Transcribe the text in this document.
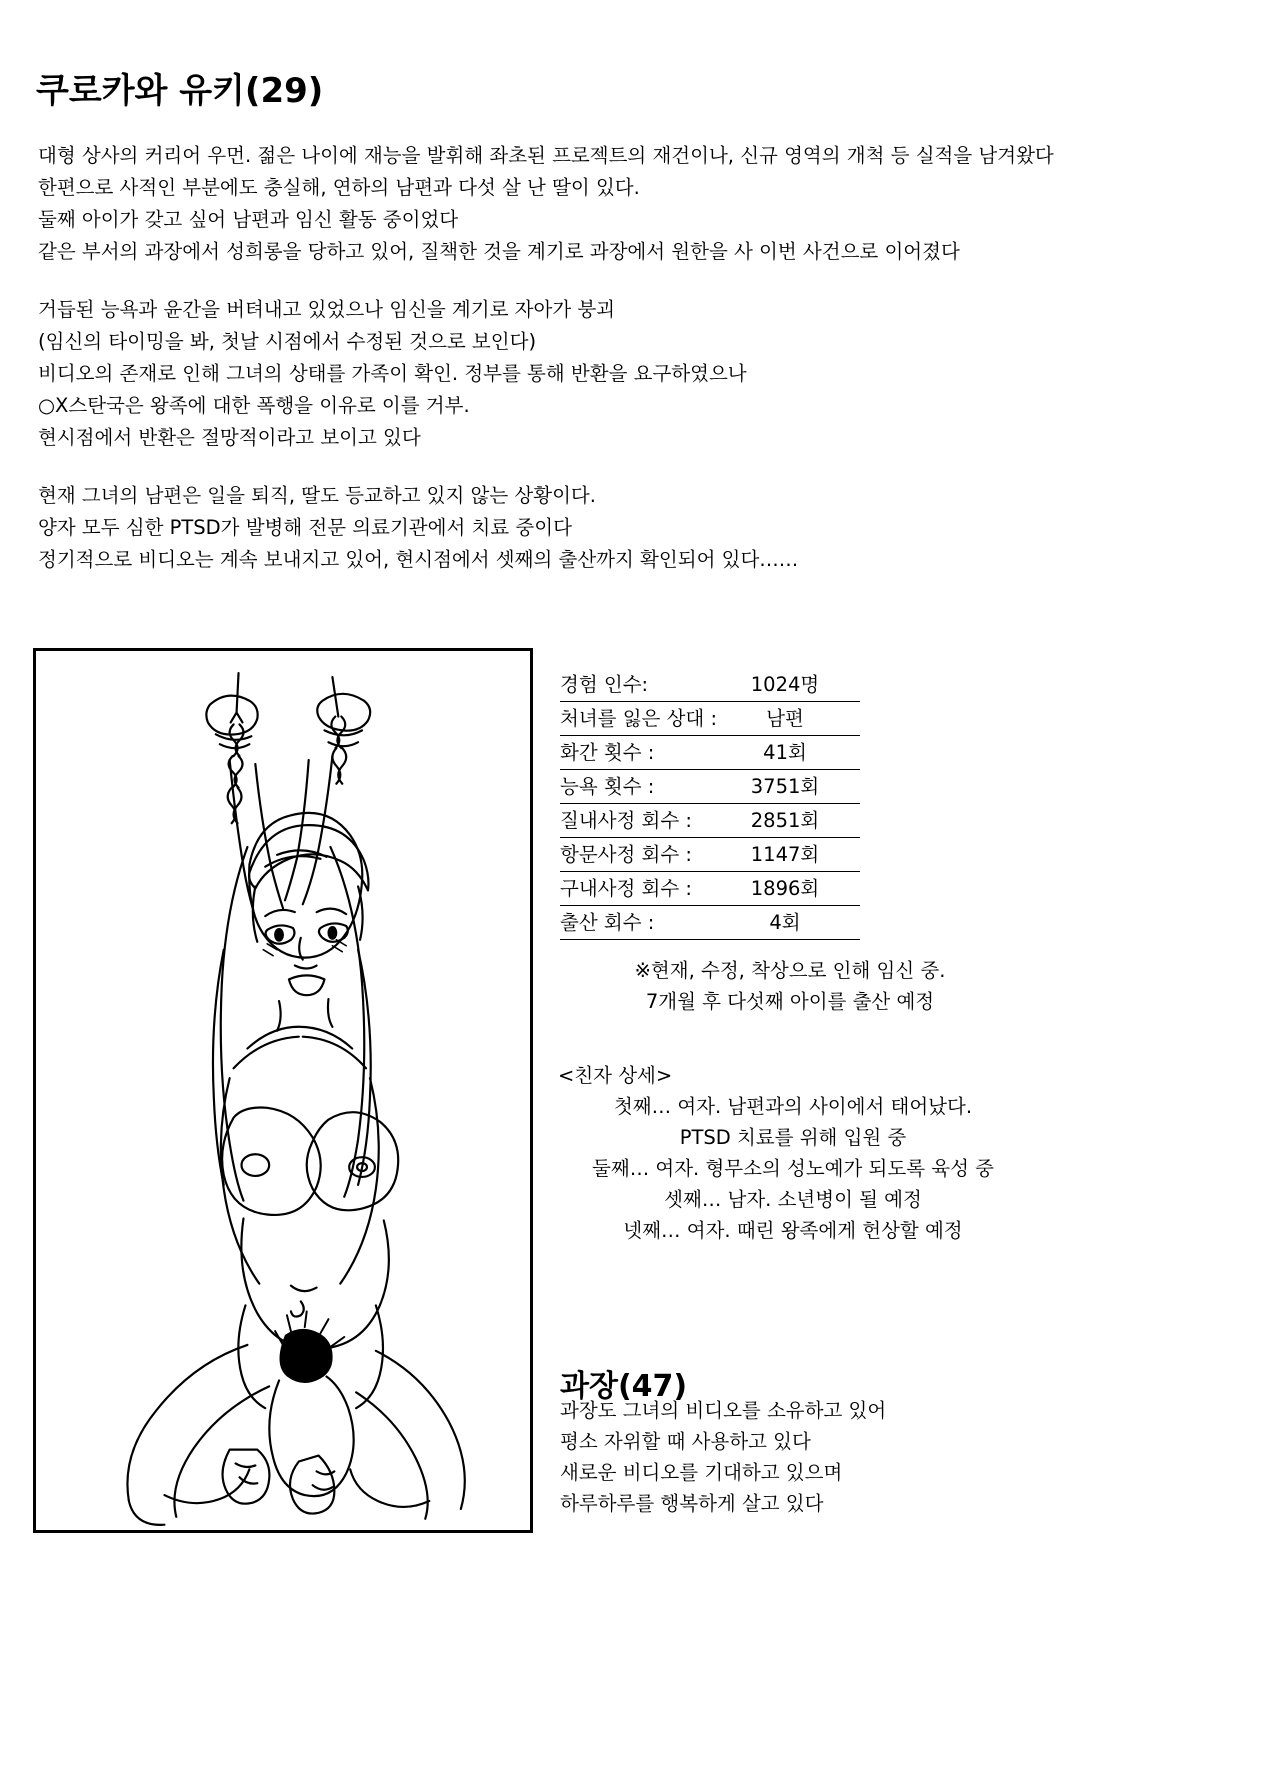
쿠로카와 유키(29)

대형 상사의 커리어 우먼. 젊은 나이에 재능을 발휘해 좌초된 프로젝트의 재건이나, 신규 영역의 개척 등 실적을 남겨왔다

한편으로 사적인 부분에도 충실해, 연하의 남편과 다섯 살 난 딸이 있다.

둘째 아이가 갖고 싶어 남편과 임신 활동 중이었다

같은 부서의 과장에서 성희롱을 당하고 있어, 질책한 것을 계기로 과장에서 원한을 사 이번 사건으로 이어졌다

거듭된 능욕과 윤간을 버텨내고 있었으나 임신을 계기로 자아가 붕괴

(임신의 타이밍을 봐, 첫날 시점에서 수정된 것으로 보인다)

비디오의 존재로 인해 그녀의 상태를 가족이 확인. 정부를 통해 반환을 요구하였으나

○X스탄국은 왕족에 대한 폭행을 이유로 이를 거부.

현시점에서 반환은 절망적이라고 보이고 있다

현재 그녀의 남편은 일을 퇴직, 딸도 등교하고 있지 않는 상황이다.

양자 모두 심한 PTSD가 발병해 전문 의료기관에서 치료 중이다

정기적으로 비디오는 계속 보내지고 있어, 현시점에서 셋째의 출산까지 확인되어 있다……

경험 인수:	1024명
처녀를 잃은 상대 :	남편
화간 횟수 :	41회
능욕 횟수 :	3751회
질내사정 회수 :	2851회
항문사정 회수 :	1147회
구내사정 회수 :	1896회
출산 회수 :	4회

※현재, 수정, 착상으로 인해 임신 중.

7개월 후 다섯째 아이를 출산 예정

<친자 상세>

첫째… 여자. 남편과의 사이에서 태어났다.

PTSD 치료를 위해 입원 중

둘째… 여자. 형무소의 성노예가 되도록 육성 중

셋째… 남자. 소년병이 될 예정

넷째… 여자. 때린 왕족에게 헌상할 예정

과장(47)

과장도 그녀의 비디오를 소유하고 있어

평소 자위할 때 사용하고 있다

새로운 비디오를 기대하고 있으며

하루하루를 행복하게 살고 있다
